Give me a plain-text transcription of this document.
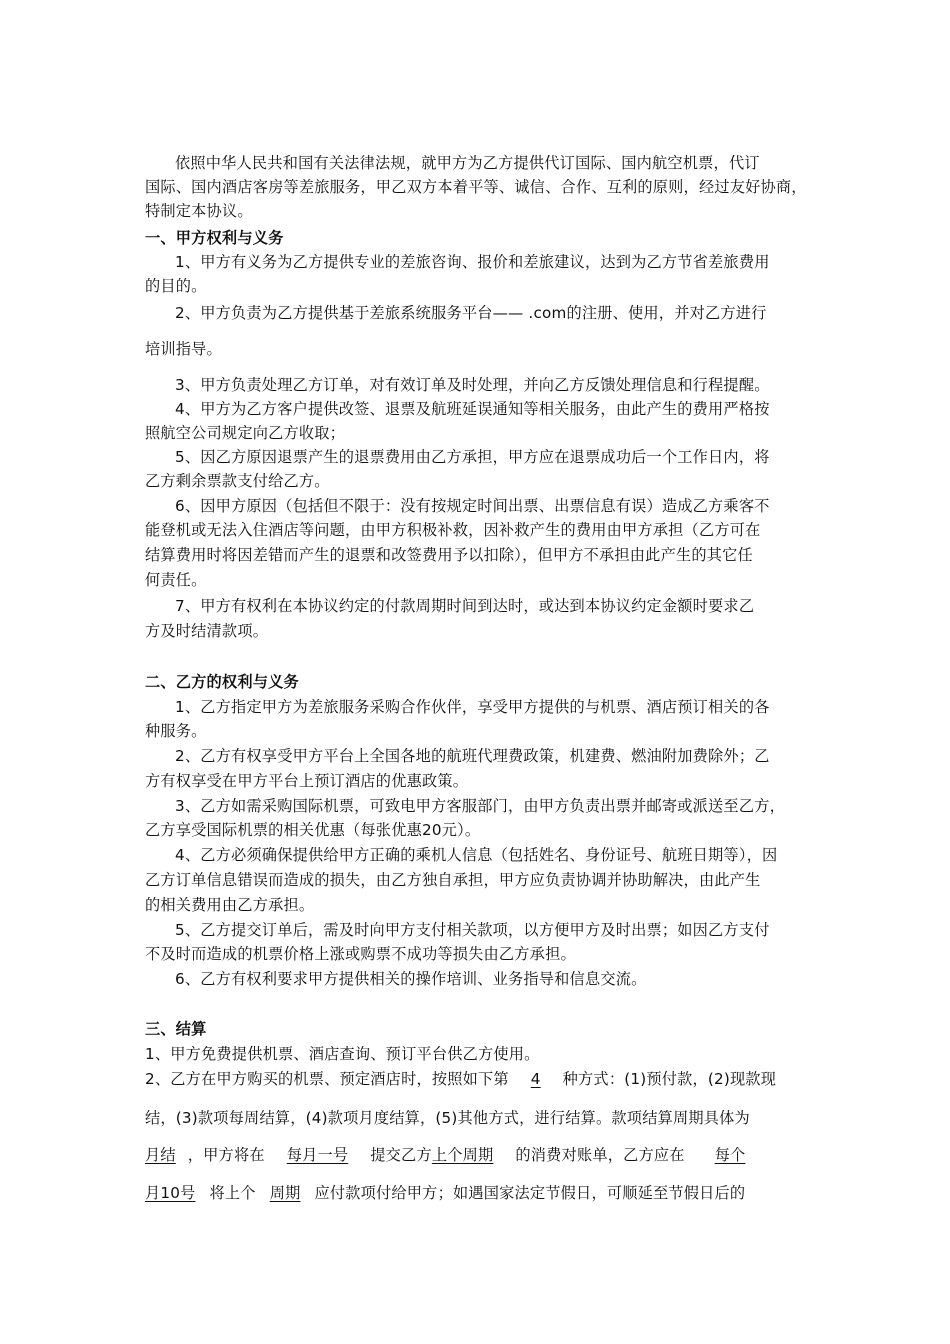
依照中华人民共和国有关法律法规，就甲方为乙方提供代订国际、国内航空机票，代订
国际、国内酒店客房等差旅服务，甲乙双方本着平等、诚信、合作、互利的原则，经过友好协商，
特制定本协议。
一、甲方权利与义务
1、甲方有义务为乙方提供专业的差旅咨询、报价和差旅建议，达到为乙方节省差旅费用
的目的。
2、甲方负责为乙方提供基于差旅系统服务平台—— .com的注册、使用，并对乙方进行
培训指导。
3、甲方负责处理乙方订单，对有效订单及时处理，并向乙方反馈处理信息和行程提醒。
4、甲方为乙方客户提供改签、退票及航班延误通知等相关服务，由此产生的费用严格按
照航空公司规定向乙方收取；
5、因乙方原因退票产生的退票费用由乙方承担，甲方应在退票成功后一个工作日内，将
乙方剩余票款支付给乙方。
6、因甲方原因（包括但不限于：没有按规定时间出票、出票信息有误）造成乙方乘客不
能登机或无法入住酒店等问题，由甲方积极补救，因补救产生的费用由甲方承担（乙方可在
结算费用时将因差错而产生的退票和改签费用予以扣除），但甲方不承担由此产生的其它任
何责任。
7、甲方有权利在本协议约定的付款周期时间到达时，或达到本协议约定金额时要求乙
方及时结清款项。
二、乙方的权利与义务
1、乙方指定甲方为差旅服务采购合作伙伴，享受甲方提供的与机票、酒店预订相关的各
种服务。
2、乙方有权享受甲方平台上全国各地的航班代理费政策，机建费、燃油附加费除外；乙
方有权享受在甲方平台上预订酒店的优惠政策。
3、乙方如需采购国际机票，可致电甲方客服部门，由甲方负责出票并邮寄或派送至乙方，
乙方享受国际机票的相关优惠（每张优惠20元）。
4、乙方必须确保提供给甲方正确的乘机人信息（包括姓名、身份证号、航班日期等），因
乙方订单信息错误而造成的损失，由乙方独自承担，甲方应负责协调并协助解决，由此产生
的相关费用由乙方承担。
5、乙方提交订单后，需及时向甲方支付相关款项，以方便甲方及时出票；如因乙方支付
不及时而造成的机票价格上涨或购票不成功等损失由乙方承担。
6、乙方有权利要求甲方提供相关的操作培训、业务指导和信息交流。
三、结算
1、甲方免费提供机票、酒店查询、预订平台供乙方使用。
2、乙方在甲方购买的机票、预定酒店时，按照如下第 4 种方式：(1)预付款，(2)现款现
结，(3)款项每周结算，(4)款项月度结算，(5)其他方式，进行结算。款项结算周期具体为
月结 ，甲方将在 每月一号 提交乙方上个周期 的消费对账单，乙方应在 每个
月10号 将上个 周期 应付款项付给甲方；如遇国家法定节假日，可顺延至节假日后的
